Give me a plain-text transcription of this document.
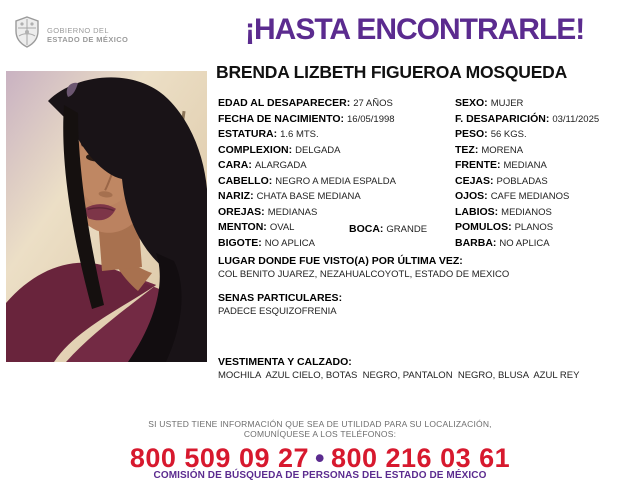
GOBIERNO DEL
ESTADO DE MÉXICO	¡HASTA ENCONTRARLE!
BRENDA LIZBETH FIGUEROA MOSQUEDA
EDAD AL DESAPARECER: 27 AÑOS
FECHA DE NACIMIENTO: 16/05/1998
ESTATURA: 1.6 MTS.
COMPLEXION: DELGADA
CARA: ALARGADA
CABELLO: NEGRO A MEDIA ESPALDA
NARIZ: CHATA BASE MEDIANA
OREJAS: MEDIANAS
MENTON: OVAL
BIGOTE: NO APLICA
BOCA: GRANDE
SEXO: MUJER
F. DESAPARICIÓN: 03/11/2025
PESO: 56 KGS.
TEZ: MORENA
FRENTE: MEDIANA
CEJAS: POBLADAS
OJOS: CAFE MEDIANOS
LABIOS: MEDIANOS
POMULOS: PLANOS
BARBA: NO APLICA
LUGAR DONDE FUE VISTO(A) POR ÚLTIMA VEZ:
COL BENITO JUAREZ, NEZAHUALCOYOTL, ESTADO DE MEXICO
SENAS PARTICULARES:
PADECE ESQUIZOFRENIA
VESTIMENTA Y CALZADO:
MOCHILA  AZUL CIELO, BOTAS  NEGRO, PANTALON  NEGRO, BLUSA  AZUL REY
SI USTED TIENE INFORMACIÓN QUE SEA DE UTILIDAD PARA SU LOCALIZACIÓN,
COMUNÍQUESE A LOS TELÉFONOS:
800 509 09 27 • 800 216 03 61
COMISIÓN DE BÚSQUEDA DE PERSONAS DEL ESTADO DE MÉXICO
